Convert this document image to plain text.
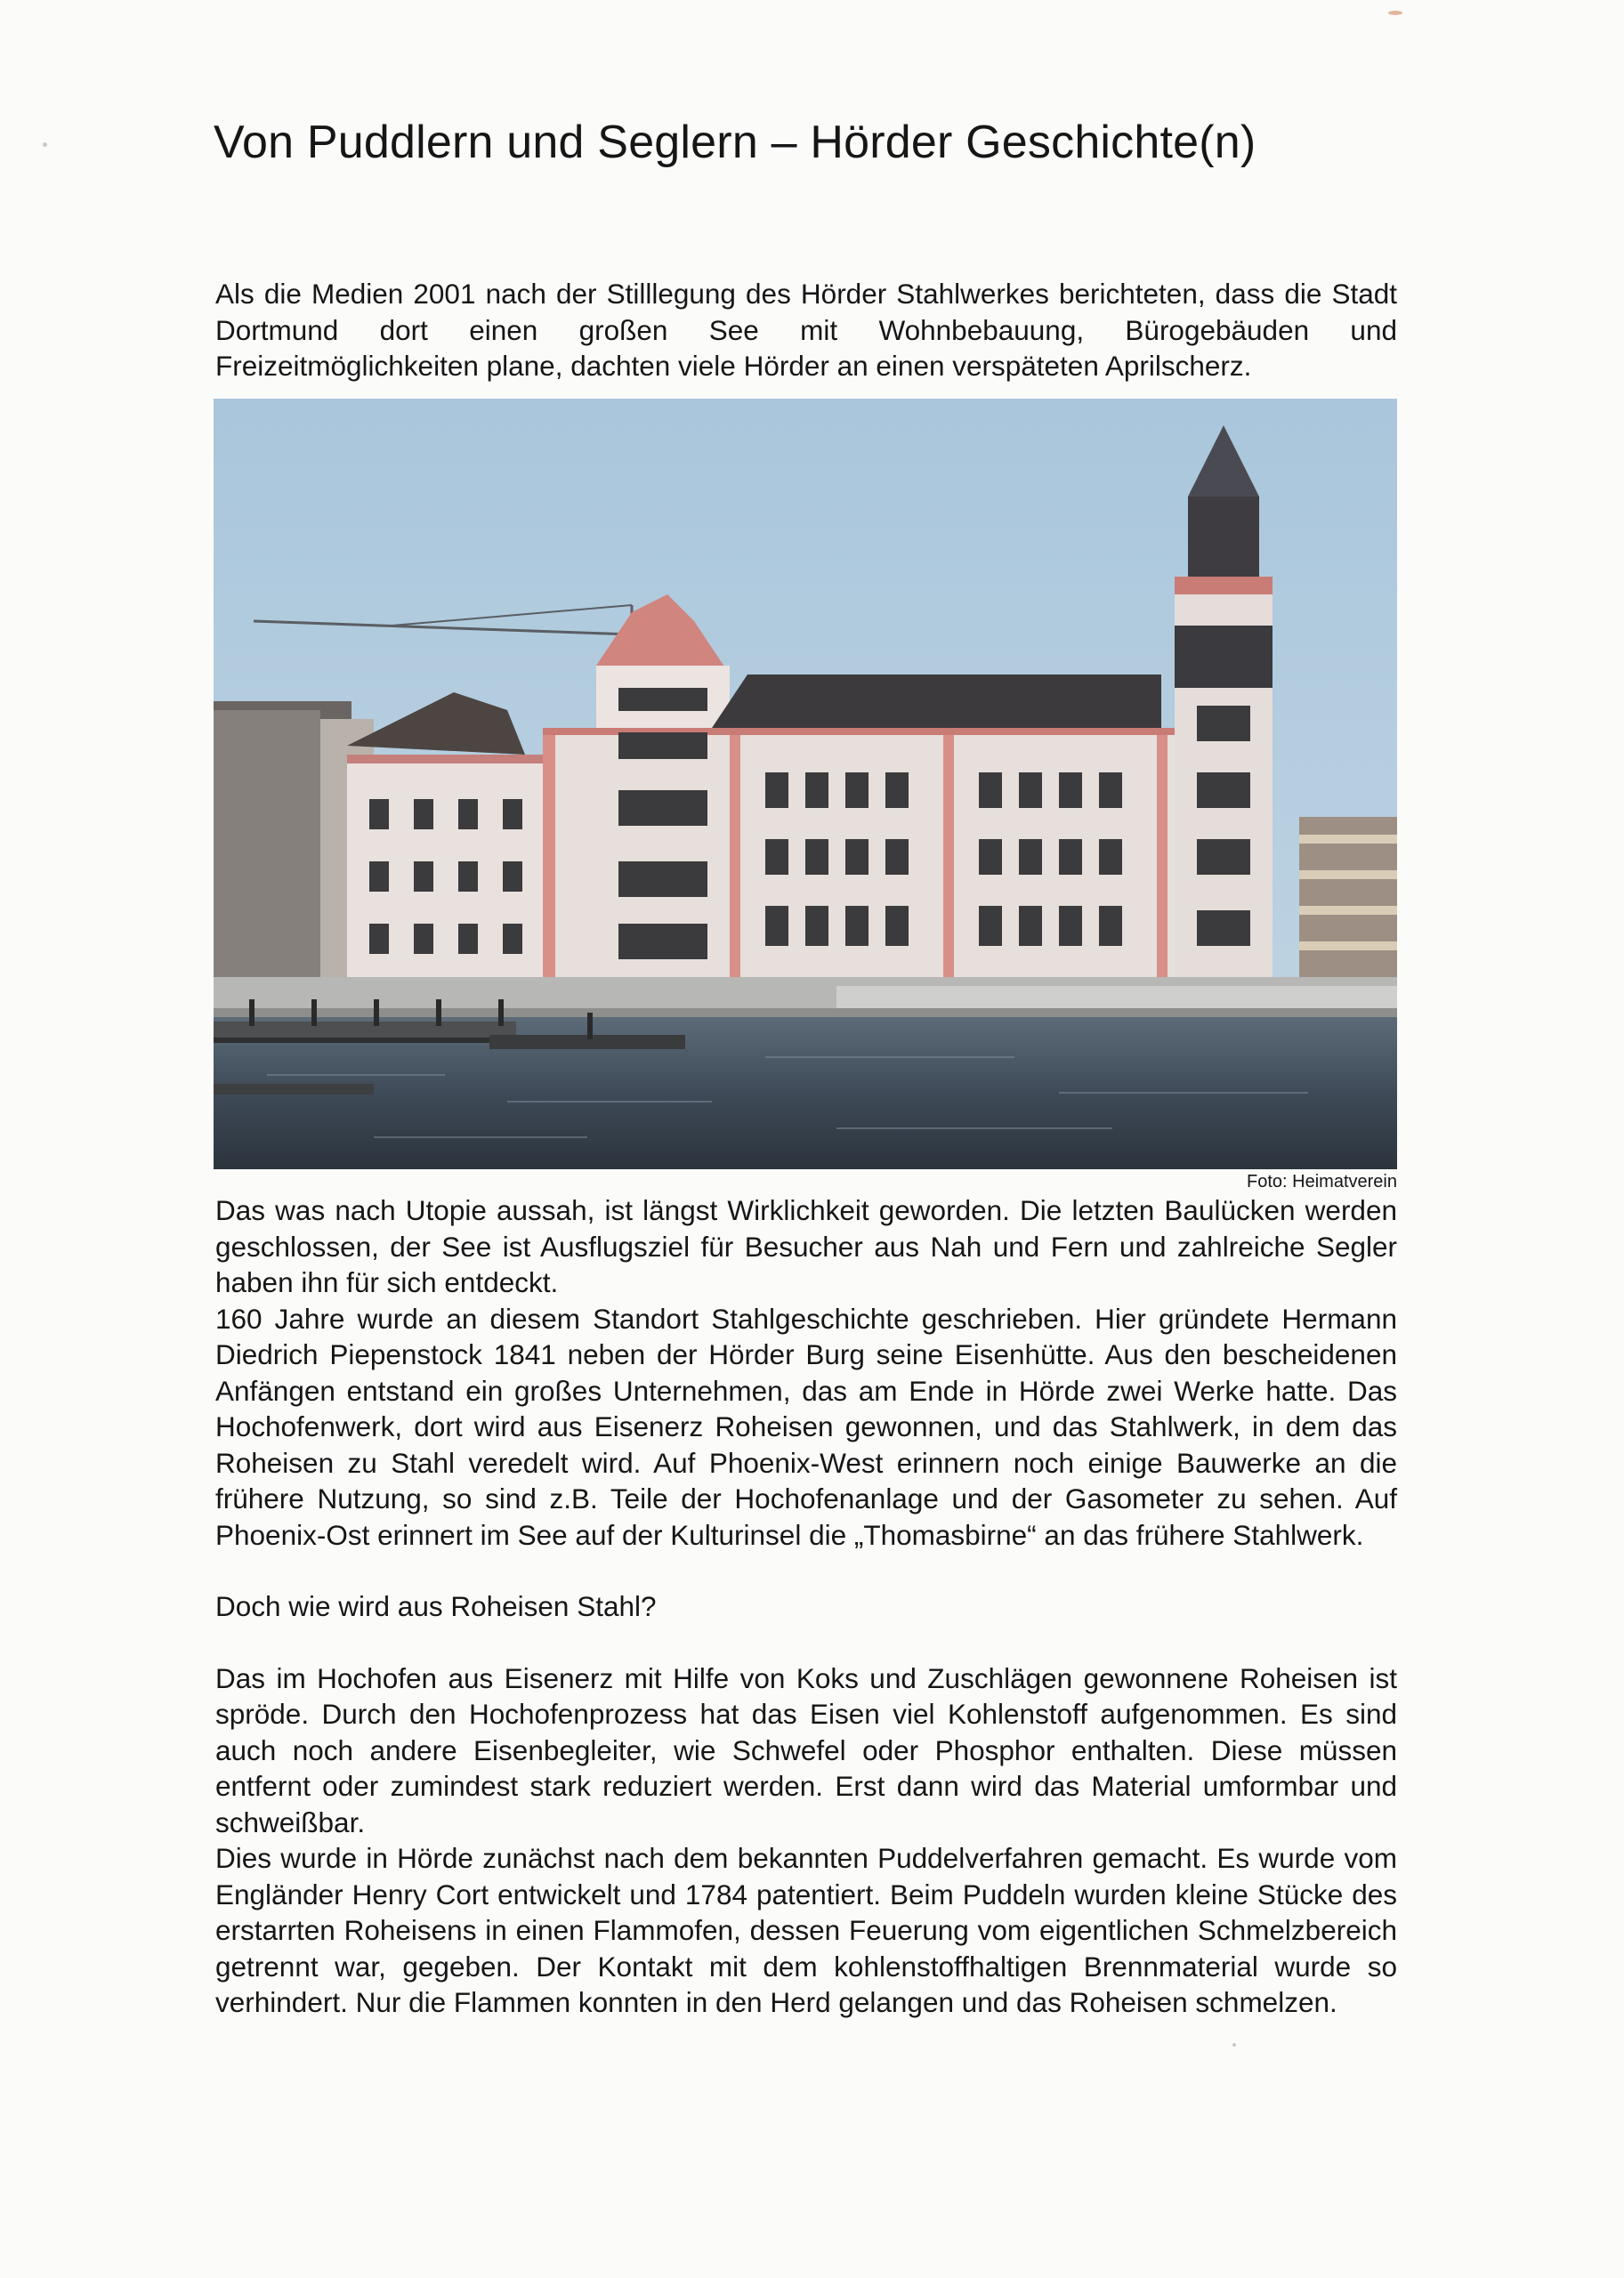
Von Puddlern und Seglern – Hörder Geschichte(n)

Als die Medien 2001 nach der Stilllegung des Hörder Stahlwerkes berichteten, dass die Stadt Dortmund dort einen großen See mit Wohnbebauung, Bürogebäuden und Freizeitmöglichkeiten plane, dachten viele Hörder an einen verspäteten Aprilscherz.

Foto: Heimatverein

Das was nach Utopie aussah, ist längst Wirklichkeit geworden. Die letzten Baulücken werden geschlossen, der See ist Ausflugsziel für Besucher aus Nah und Fern und zahlreiche Segler haben ihn für sich entdeckt.

160 Jahre wurde an diesem Standort Stahlgeschichte geschrieben. Hier gründete Hermann Diedrich Piepenstock 1841 neben der Hörder Burg seine Eisenhütte. Aus den bescheidenen Anfängen entstand ein großes Unternehmen, das am Ende in Hörde zwei Werke hatte. Das Hochofenwerk, dort wird aus Eisenerz Roheisen gewonnen, und das Stahlwerk, in dem das Roheisen zu Stahl veredelt wird. Auf Phoenix-West erinnern noch einige Bauwerke an die frühere Nutzung, so sind z.B. Teile der Hochofenanlage und der Gasometer zu sehen. Auf Phoenix-Ost erinnert im See auf der Kulturinsel die „Thomasbirne“ an das frühere Stahlwerk.

Doch wie wird aus Roheisen Stahl?

Das im Hochofen aus Eisenerz mit Hilfe von Koks und Zuschlägen gewonnene Roheisen ist spröde. Durch den Hochofenprozess hat das Eisen viel Kohlenstoff aufgenommen. Es sind auch noch andere Eisenbegleiter, wie Schwefel oder Phosphor enthalten. Diese müssen entfernt oder zumindest stark reduziert werden. Erst dann wird das Material umformbar und schweißbar.

Dies wurde in Hörde zunächst nach dem bekannten Puddelverfahren gemacht. Es wurde vom Engländer Henry Cort entwickelt und 1784 patentiert. Beim Puddeln wurden kleine Stücke des erstarrten Roheisens in einen Flammofen, dessen Feuerung vom eigentlichen Schmelzbereich getrennt war, gegeben. Der Kontakt mit dem kohlenstoffhaltigen Brennmaterial wurde so verhindert. Nur die Flammen konnten in den Herd gelangen und das Roheisen schmelzen.
